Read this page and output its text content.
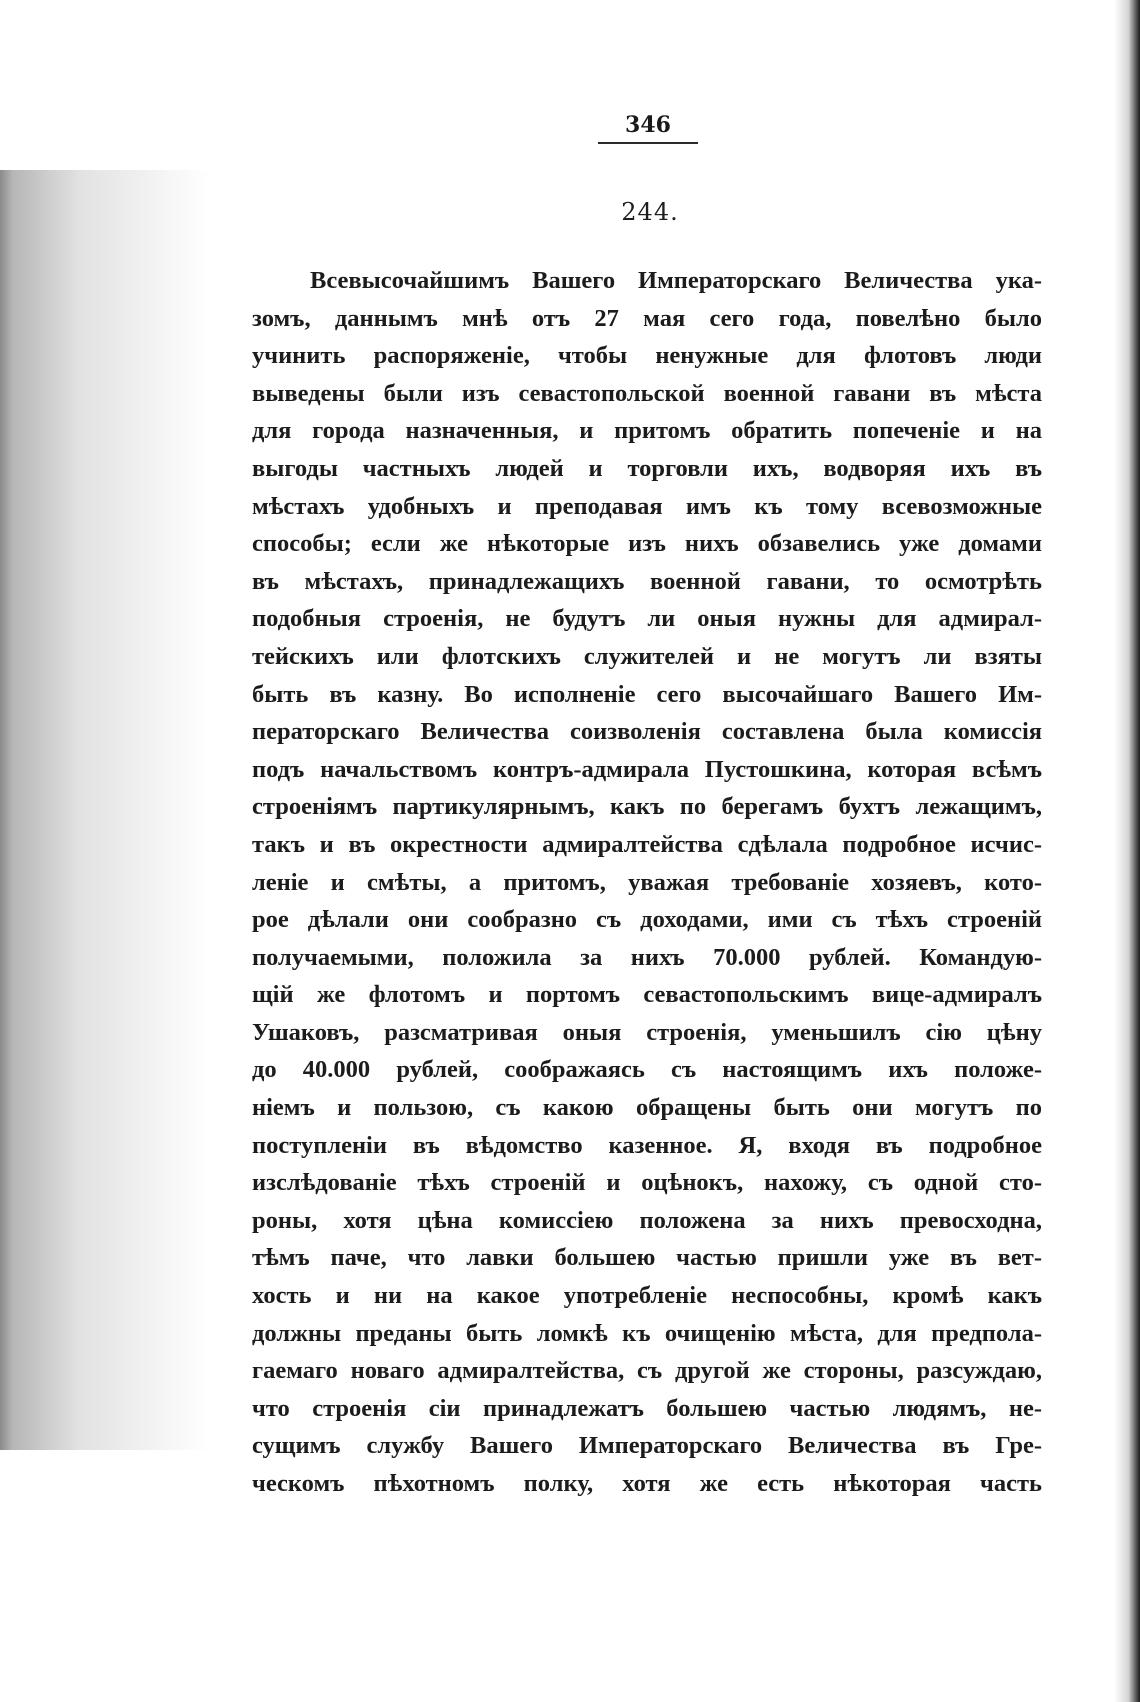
346
244.
Всевысочайшимъ Вашего Императорскаго Величества ука-
зомъ, даннымъ мнѣ отъ 27 мая сего года, повелѣно было
учинить распоряженіе, чтобы ненужные для флотовъ люди
выведены были изъ севастопольской военной гавани въ мѣста
для города назначенныя, и притомъ обратить попеченіе и на
выгоды частныхъ людей и торговли ихъ, водворяя ихъ въ
мѣстахъ удобныхъ и преподавая имъ къ тому всевозможные
способы; если же нѣкоторые изъ нихъ обзавелись уже домами
въ мѣстахъ, принадлежащихъ военной гавани, то осмотрѣть
подобныя строенія, не будутъ ли оныя нужны для адмирал-
тейскихъ или флотскихъ служителей и не могутъ ли взяты
быть въ казну. Во исполненіе сего высочайшаго Вашего Им-
ператорскаго Величества соизволенія составлена была комиссія
подъ начальствомъ контръ-адмирала Пустошкина, которая всѣмъ
строеніямъ партикулярнымъ, какъ по берегамъ бухтъ лежащимъ,
такъ и въ окрестности адмиралтейства сдѣлала подробное исчис-
леніе и смѣты, а притомъ, уважая требованіе хозяевъ, кото-
рое дѣлали они сообразно съ доходами, ими съ тѣхъ строеній
получаемыми, положила за нихъ 70.000 рублей. Командую-
щій же флотомъ и портомъ севастопольскимъ вице-адмиралъ
Ушаковъ, разсматривая оныя строенія, уменьшилъ сію цѣну
до 40.000 рублей, соображаясь съ настоящимъ ихъ положе-
ніемъ и пользою, съ какою обращены быть они могутъ по
поступленіи въ вѣдомство казенное. Я, входя въ подробное
изслѣдованіе тѣхъ строеній и оцѣнокъ, нахожу, съ одной сто-
роны, хотя цѣна комиссіею положена за нихъ превосходна,
тѣмъ паче, что лавки большею частью пришли уже въ вет-
хость и ни на какое употребленіе неспособны, кромѣ какъ
должны преданы быть ломкѣ къ очищенію мѣста, для предпола-
гаемаго новаго адмиралтейства, съ другой же стороны, разсуждаю,
что строенія сіи принадлежатъ большею частью людямъ, не-
сущимъ службу Вашего Императорскаго Величества въ Гре-
ческомъ пѣхотномъ полку, хотя же есть нѣкоторая часть
